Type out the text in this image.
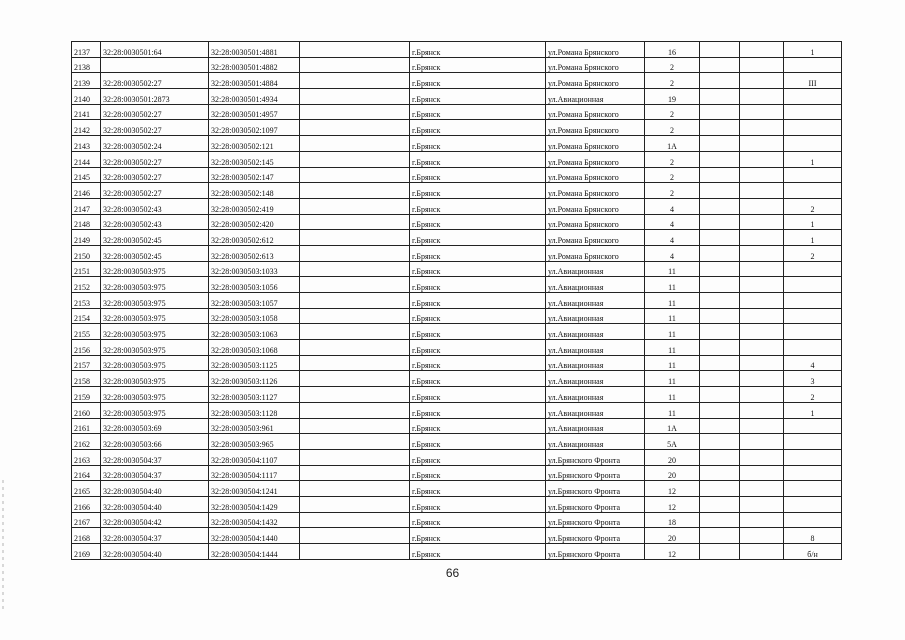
2137	32:28:0030501:64	32:28:0030501:4881		г.Брянск	ул.Романа Брянского	16			1
2138		32:28:0030501:4882		г.Брянск	ул.Романа Брянского	2			
2139	32:28:0030502:27	32:28:0030501:4884		г.Брянск	ул.Романа Брянского	2			III
2140	32:28:0030501:2873	32:28:0030501:4934		г.Брянск	ул.Авиационная	19			
2141	32:28:0030502:27	32:28:0030501:4957		г.Брянск	ул.Романа Брянского	2			
2142	32:28:0030502:27	32:28:0030502:1097		г.Брянск	ул.Романа Брянского	2			
2143	32:28:0030502:24	32:28:0030502:121		г.Брянск	ул.Романа Брянского	1А			
2144	32:28:0030502:27	32:28:0030502:145		г.Брянск	ул.Романа Брянского	2			1
2145	32:28:0030502:27	32:28:0030502:147		г.Брянск	ул.Романа Брянского	2			
2146	32:28:0030502:27	32:28:0030502:148		г.Брянск	ул.Романа Брянского	2			
2147	32:28:0030502:43	32:28:0030502:419		г.Брянск	ул.Романа Брянского	4			2
2148	32:28:0030502:43	32:28:0030502:420		г.Брянск	ул.Романа Брянского	4			1
2149	32:28:0030502:45	32:28:0030502:612		г.Брянск	ул.Романа Брянского	4			1
2150	32:28:0030502:45	32:28:0030502:613		г.Брянск	ул.Романа Брянского	4			2
2151	32:28:0030503:975	32:28:0030503:1033		г.Брянск	ул.Авиационная	11			
2152	32:28:0030503:975	32:28:0030503:1056		г.Брянск	ул.Авиационная	11			
2153	32:28:0030503:975	32:28:0030503:1057		г.Брянск	ул.Авиационная	11			
2154	32:28:0030503:975	32:28:0030503:1058		г.Брянск	ул.Авиационная	11			
2155	32:28:0030503:975	32:28:0030503:1063		г.Брянск	ул.Авиационная	11			
2156	32:28:0030503:975	32:28:0030503:1068		г.Брянск	ул.Авиационная	11			
2157	32:28:0030503:975	32:28:0030503:1125		г.Брянск	ул.Авиационная	11			4
2158	32:28:0030503:975	32:28:0030503:1126		г.Брянск	ул.Авиационная	11			3
2159	32:28:0030503:975	32:28:0030503:1127		г.Брянск	ул.Авиационная	11			2
2160	32:28:0030503:975	32:28:0030503:1128		г.Брянск	ул.Авиационная	11			1
2161	32:28:0030503:69	32:28:0030503:961		г.Брянск	ул.Авиационная	1А			
2162	32:28:0030503:66	32:28:0030503:965		г.Брянск	ул.Авиационная	5А			
2163	32:28:0030504:37	32:28:0030504:1107		г.Брянск	ул.Брянского Фронта	20			
2164	32:28:0030504:37	32:28:0030504:1117		г.Брянск	ул.Брянского Фронта	20			
2165	32:28:0030504:40	32:28:0030504:1241		г.Брянск	ул.Брянского Фронта	12			
2166	32:28:0030504:40	32:28:0030504:1429		г.Брянск	ул.Брянского Фронта	12			
2167	32:28:0030504:42	32:28:0030504:1432		г.Брянск	ул.Брянского Фронта	18			
2168	32:28:0030504:37	32:28:0030504:1440		г.Брянск	ул.Брянского Фронта	20			8
2169	32:28:0030504:40	32:28:0030504:1444		г.Брянск	ул.Брянского Фронта	12			б/н
66
